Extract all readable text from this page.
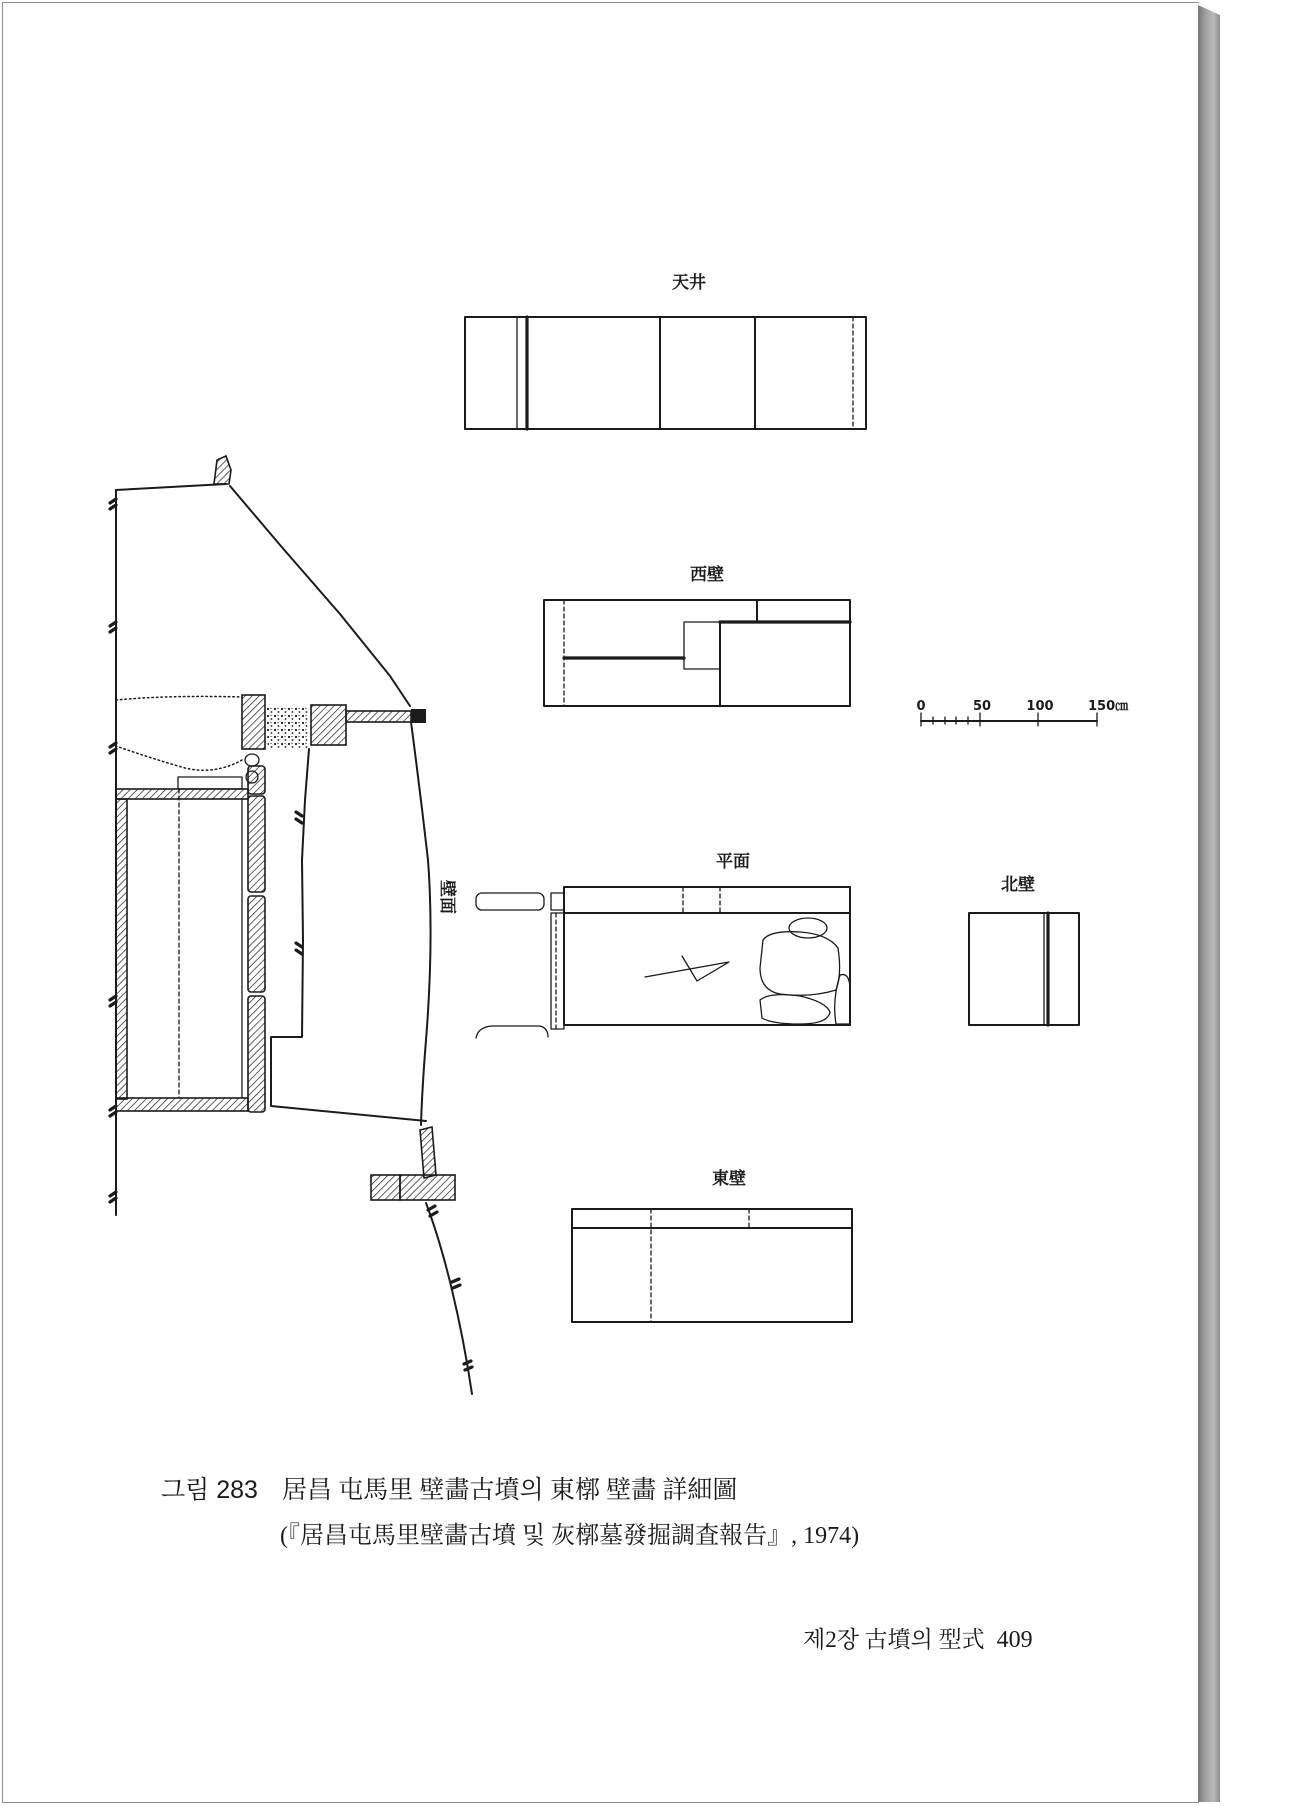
天井
西壁
0	50	100	150㎝
平面
北壁
東壁
壁面
그림 283 居昌 屯馬里 壁畵古墳의 東槨 壁畵 詳細圖
(『居昌屯馬里壁畵古墳 및 灰槨墓發掘調査報告』, 1974)
제2장 古墳의 型式 409
